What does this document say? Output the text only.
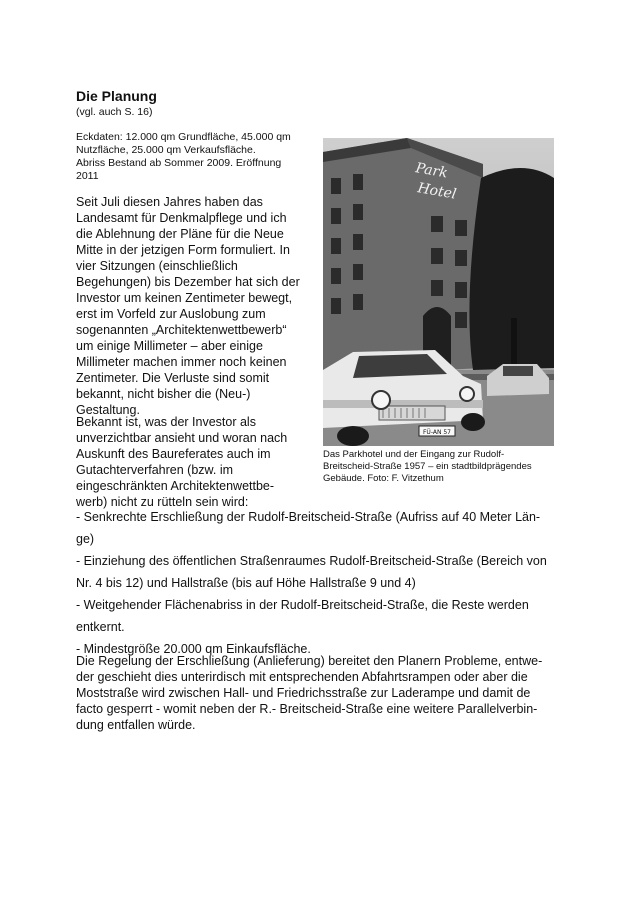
Die Planung
(vgl. auch S. 16)
Eckdaten: 12.000 qm Grundfläche, 45.000 qm
Nutzfläche, 25.000 qm Verkaufsfläche.
Abriss Bestand ab Sommer 2009. Eröffnung
2011
Seit Juli diesen Jahres haben das
Landesamt für Denkmalpflege und ich
die Ablehnung der Pläne für die Neue
Mitte in der jetzigen Form formuliert. In
vier Sitzungen (einschließlich
Begehungen) bis Dezember hat sich der
Investor um keinen Zentimeter bewegt,
erst im Vorfeld zur Auslobung zum
sogenannten „Architektenwettbewerb“
um einige Millimeter – aber einige
Millimeter machen immer noch keinen
Zentimeter. Die Verluste sind somit
bekannt, nicht bisher die (Neu-)
Gestaltung.
Bekannt ist, was der Investor als
unverzichtbar ansieht und woran nach
Auskunft des Baureferates auch im
Gutachterverfahren (bzw. im
eingeschränkten Architektenwettbe-
werb) nicht zu rütteln sein wird:
Park
Hotel
FÜ-AN 57
Das Parkhotel und der Eingang zur Rudolf-
Breitscheid-Straße 1957 – ein stadtbildprägendes
Gebäude. Foto: F. Vitzethum
- Senkrechte Erschließung der Rudolf-Breitscheid-Straße (Aufriss auf 40 Meter Län-
ge)
- Einziehung des öffentlichen Straßenraumes Rudolf-Breitscheid-Straße (Bereich von
Nr. 4 bis 12) und Hallstraße (bis auf Höhe Hallstraße 9 und 4)
- Weitgehender Flächenabriss in der Rudolf-Breitscheid-Straße, die Reste werden
entkernt.
- Mindestgröße 20.000 qm Einkaufsfläche.
Die Regelung der Erschließung (Anlieferung) bereitet den Planern Probleme, entwe-
der geschieht dies unterirdisch mit entsprechenden Abfahrtsrampen oder aber die
Moststraße wird zwischen Hall- und Friedrichsstraße zur Laderampe und damit de
facto gesperrt - womit neben der R.- Breitscheid-Straße eine weitere Parallelverbin-
dung entfallen würde.
